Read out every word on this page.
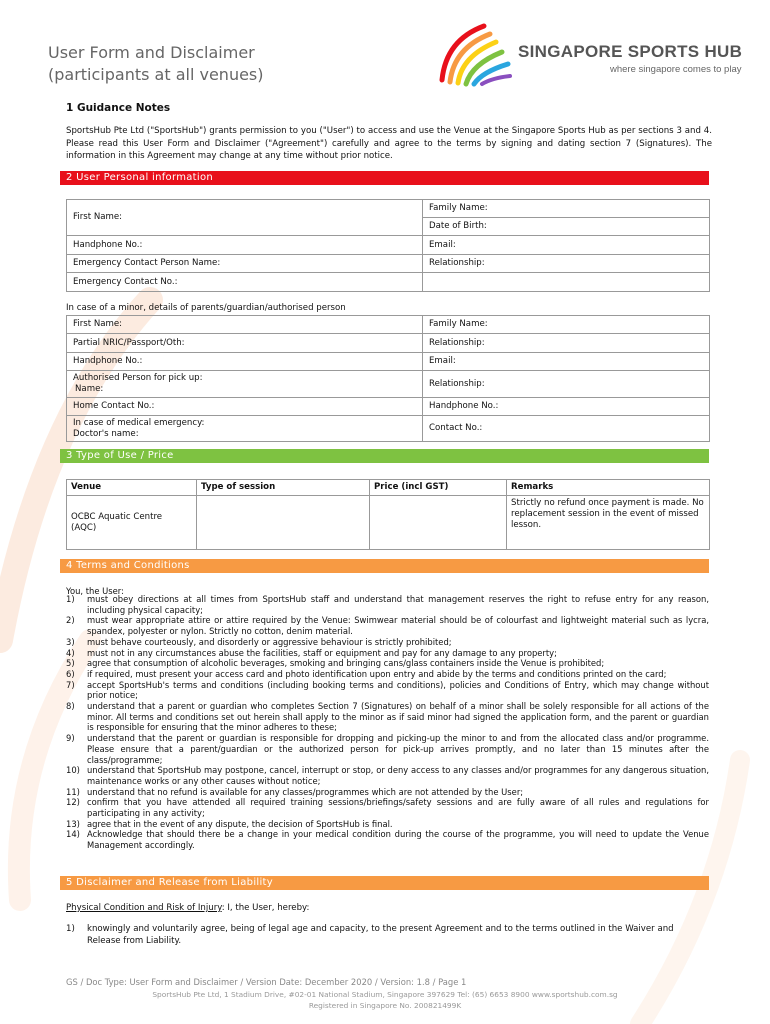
User Form and Disclaimer
(participants at all venues)
SINGAPORE SPORTS HUB
where singapore comes to play
1 Guidance Notes
SportsHub Pte Ltd ("SportsHub") grants permission to you ("User") to access and use the Venue at the Singapore Sports Hub as per sections 3 and 4. Please read this User Form and Disclaimer ("Agreement") carefully and agree to the terms by signing and dating section 7 (Signatures). The information in this Agreement may change at any time without prior notice.
2 User Personal information
First Name:	Family Name:
	Date of Birth:
Handphone No.:	Email:
Emergency Contact Person Name:	Relationship:
Emergency Contact No.:	
In case of a minor, details of parents/guardian/authorised person
First Name:	Family Name:
Partial NRIC/Passport/Oth:	Relationship:
Handphone No.:	Email:

Authorised Person for pick up:
Name:	Relationship:
Home Contact No.:	Handphone No.:

In case of medical emergency:
Doctor's name:	Contact No.:
3 Type of Use / Price
Venue	Type of session	Price (incl GST)	Remarks

OCBC Aquatic Centre
(AQC)			Strictly no refund once payment is made. No replacement session in the event of missed lesson.
4 Terms and Conditions
You, the User:
1) must obey directions at all times from SportsHub staff and understand that management reserves the right to refuse entry for any reason, including physical capacity;
2) must wear appropriate attire or attire required by the Venue: Swimwear material should be of colourfast and lightweight material such as lycra, spandex, polyester or nylon. Strictly no cotton, denim material.
3) must behave courteously, and disorderly or aggressive behaviour is strictly prohibited;
4) must not in any circumstances abuse the facilities, staff or equipment and pay for any damage to any property;
5) agree that consumption of alcoholic beverages, smoking and bringing cans/glass containers inside the Venue is prohibited;
6) if required, must present your access card and photo identification upon entry and abide by the terms and conditions printed on the card;
7) accept SportsHub's terms and conditions (including booking terms and conditions), policies and Conditions of Entry, which may change without prior notice;
8) understand that a parent or guardian who completes Section 7 (Signatures) on behalf of a minor shall be solely responsible for all actions of the minor. All terms and conditions set out herein shall apply to the minor as if said minor had signed the application form, and the parent or guardian is responsible for ensuring that the minor adheres to these;
9) understand that the parent or guardian is responsible for dropping and picking-up the minor to and from the allocated class and/or programme. Please ensure that a parent/guardian or the authorized person for pick-up arrives promptly, and no later than 15 minutes after the class/programme;
10) understand that SportsHub may postpone, cancel, interrupt or stop, or deny access to any classes and/or programmes for any dangerous situation, maintenance works or any other causes without notice;
11) understand that no refund is available for any classes/programmes which are not attended by the User;
12) confirm that you have attended all required training sessions/briefings/safety sessions and are fully aware of all rules and regulations for participating in any activity;
13) agree that in the event of any dispute, the decision of SportsHub is final.
14) Acknowledge that should there be a change in your medical condition during the course of the programme, you will need to update the Venue Management accordingly.
5 Disclaimer and Release from Liability
Physical Condition and Risk of Injury: I, the User, hereby:
1) knowingly and voluntarily agree, being of legal age and capacity, to the present Agreement and to the terms outlined in the Waiver and Release from Liability.
GS / Doc Type: User Form and Disclaimer / Version Date: December 2020 / Version: 1.8 / Page 1
SportsHub Pte Ltd, 1 Stadium Drive, #02-01 National Stadium, Singapore 397629 Tel: (65) 6653 8900 www.sportshub.com.sg
Registered in Singapore No. 200821499K
